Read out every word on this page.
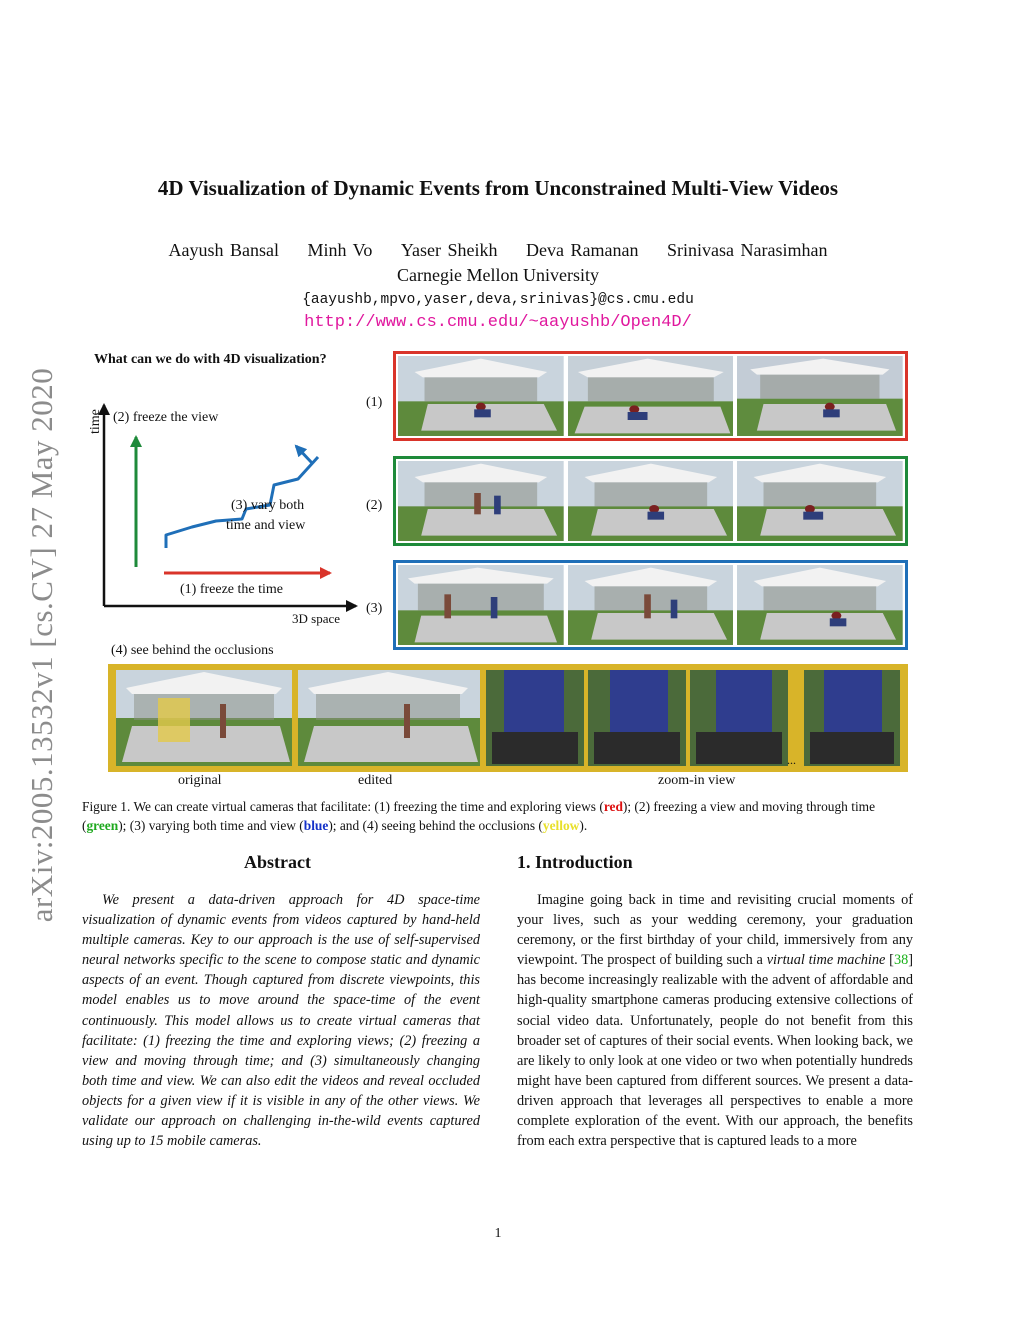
arXiv:2005.13532v1 [cs.CV] 27 May 2020
4D Visualization of Dynamic Events from Unconstrained Multi-View Videos
Aayush Bansal Minh Vo Yaser Sheikh Deva Ramanan Srinivasa Narasimhan
Carnegie Mellon University
{aayushb,mpvo,yaser,deva,srinivas}@cs.cmu.edu
http://www.cs.cmu.edu/~aayushb/Open4D/
What can we do with 4D visualization?
time (2) freeze the view
(3) vary both
time and view
(1) freeze the time
3D space
(4) see behind the occlusions
(1)
(2)
(3)
...
original	edited	zoom-in view
Figure 1. We can create virtual cameras that facilitate: (1) freezing the time and exploring views (red); (2) freezing a view and moving through time (green); (3) varying both time and view (blue); and (4) seeing behind the occlusions (yellow).
Abstract
We present a data-driven approach for 4D space-time visualization of dynamic events from videos captured by hand-held multiple cameras. Key to our approach is the use of self-supervised neural networks specific to the scene to compose static and dynamic aspects of an event. Though captured from discrete viewpoints, this model enables us to move around the space-time of the event continuously. This model allows us to create virtual cameras that facilitate: (1) freezing the time and exploring views; (2) freezing a view and moving through time; and (3) simultaneously changing both time and view. We can also edit the videos and reveal occluded objects for a given view if it is visible in any of the other views. We validate our approach on challenging in-the-wild events captured using up to 15 mobile cameras.
1. Introduction
Imagine going back in time and revisiting crucial moments of your lives, such as your wedding ceremony, your graduation ceremony, or the first birthday of your child, immersively from any viewpoint. The prospect of building such a virtual time machine [38] has become increasingly realizable with the advent of affordable and high-quality smartphone cameras producing extensive collections of social video data. Unfortunately, people do not benefit from this broader set of captures of their social events. When looking back, we are likely to only look at one video or two when potentially hundreds might have been captured from different sources. We present a data-driven approach that leverages all perspectives to enable a more complete exploration of the event. With our approach, the benefits from each extra perspective that is captured leads to a more
1
